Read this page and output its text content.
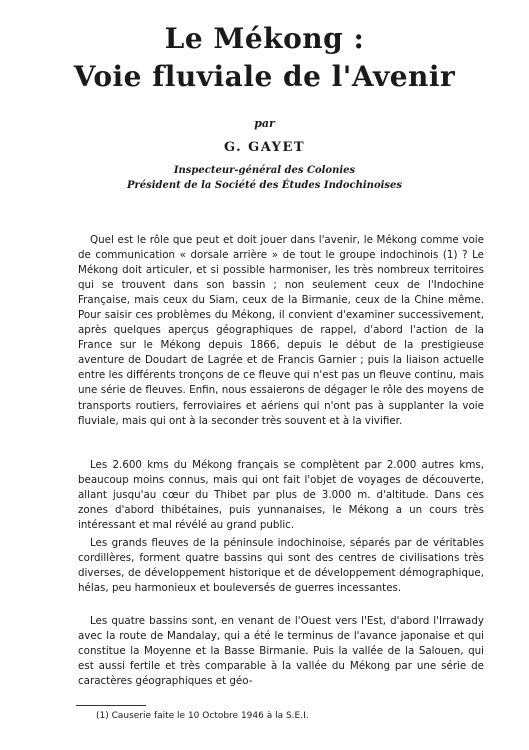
Le Mékong :
Voie fluviale de l'Avenir
par
G. GAYET
Inspecteur-général des Colonies
Président de la Société des Études Indochinoises

Quel est le rôle que peut et doit jouer dans l'avenir, le Mékong comme voie de communication « dorsale arrière » de tout le groupe indochinois (1) ? Le Mékong doit articuler, et si possible harmoniser, les très nombreux territoires qui se trouvent dans son bassin ; non seulement ceux de l'Indochine Française, mais ceux du Siam, ceux de la Birmanie, ceux de la Chine même. Pour saisir ces problèmes du Mékong, il convient d'examiner successivement, après quelques aperçus géographiques de rappel, d'abord l'action de la France sur le Mékong depuis 1866, depuis le début de la prestigieuse aventure de Doudart de Lagrée et de Francis Garnier ; puis la liaison actuelle entre les différents tronçons de ce fleuve qui n'est pas un fleuve continu, mais une série de fleuves. Enfin, nous essaierons de dégager le rôle des moyens de transports routiers, ferroviaires et aériens qui n'ont pas à supplanter la voie fluviale, mais qui ont à la seconder très souvent et à la vivifier.

Les 2.600 kms du Mékong français se complètent par 2.000 autres kms, beaucoup moins connus, mais qui ont fait l'objet de voyages de découverte, allant jusqu'au cœur du Thibet par plus de 3.000 m. d'altitude. Dans ces zones d'abord thibétaines, puis yunnanaises, le Mékong a un cours très intéressant et mal révélé au grand public.

Les grands fleuves de la péninsule indochinoise, séparés par de véritables cordillères, forment quatre bassins qui sont des centres de civilisations très diverses, de développement historique et de développement démographique, hélas, peu harmonieux et bouleversés de guerres incessantes.

Les quatre bassins sont, en venant de l'Ouest vers l'Est, d'abord l'Irrawady avec la route de Mandalay, qui a été le terminus de l'avance japonaise et qui constitue la Moyenne et la Basse Birmanie. Puis la vallée de la Salouen, qui est aussi fertile et très comparable à la vallée du Mékong par une série de caractères géographiques et géo-

(1) Causerie faite le 10 Octobre 1946 à la S.E.I.
